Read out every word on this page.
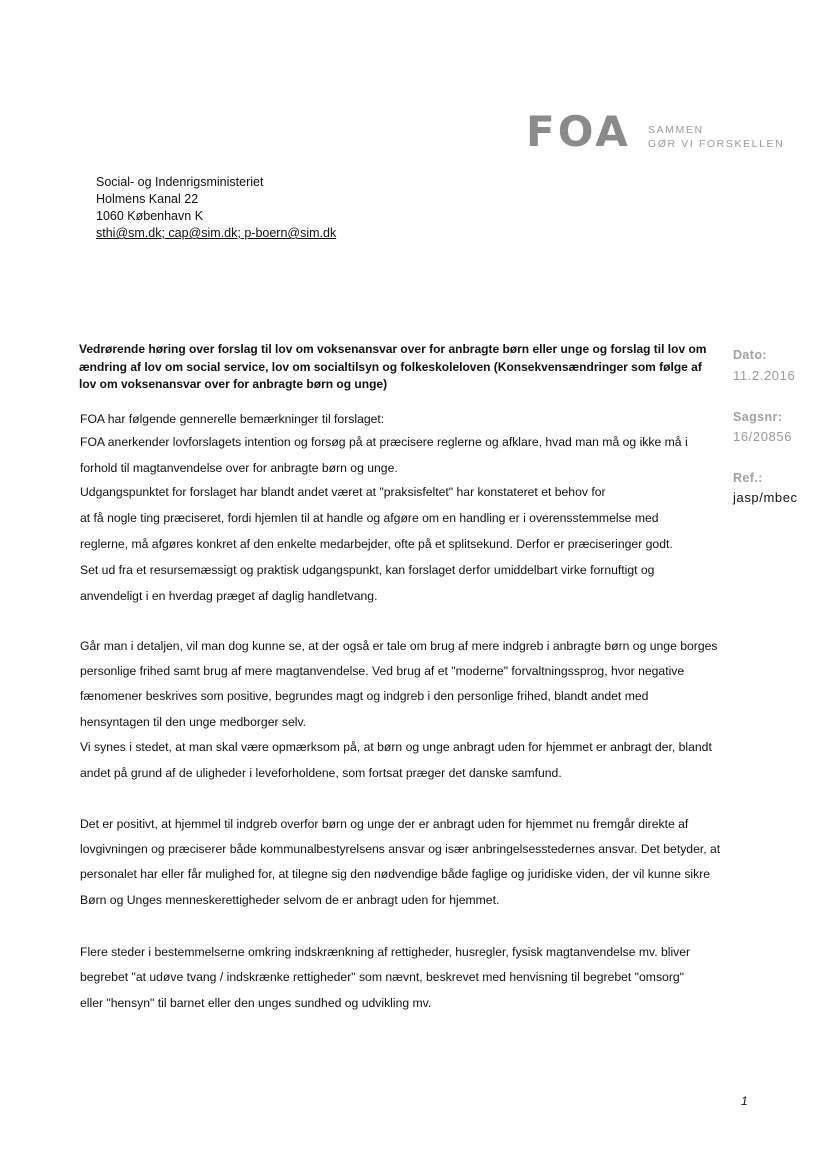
FOA SAMMEN
GØR VI FORSKELLEN
Social- og Indenrigsministeriet
Holmens Kanal 22
1060 København K
sthi@sm.dk; cap@sim.dk; p-boern@sim.dk
Vedrørende høring over forslag til lov om voksenansvar over for anbragte børn eller unge og forslag til lov om ændring af lov om social service, lov om socialtilsyn og folkeskoleloven (Konsekvensændringer som følge af lov om voksenansvar over for anbragte børn og unge)
Dato:
11.2.2016
Sagsnr:
16/20856
Ref.:
jasp/mbec
FOA har følgende gennerelle bemærkninger til forslaget:
FOA anerkender lovforslagets intention og forsøg på at præcisere reglerne og afklare, hvad man må og ikke må i
forhold til magtanvendelse over for anbragte børn og unge.
Udgangspunktet for forslaget har blandt andet været at "praksisfeltet" har konstateret et behov for
at få nogle ting præciseret, fordi hjemlen til at handle og afgøre om en handling er i overensstemmelse med
reglerne, må afgøres konkret af den enkelte medarbejder, ofte på et splitsekund. Derfor er præciseringer godt.
Set ud fra et resursemæssigt og praktisk udgangspunkt, kan forslaget derfor umiddelbart virke fornuftigt og
anvendeligt i en hverdag præget af daglig handletvang.
Går man i detaljen, vil man dog kunne se, at der også er tale om brug af mere indgreb i anbragte børn og unge borges
personlige frihed samt brug af mere magtanvendelse. Ved brug af et "moderne" forvaltningssprog, hvor negative
fænomener beskrives som positive, begrundes magt og indgreb i den personlige frihed, blandt andet med
hensyntagen til den unge medborger selv.
Vi synes i stedet, at man skal være opmærksom på, at børn og unge anbragt uden for hjemmet er anbragt der, blandt
andet på grund af de uligheder i leveforholdene, som fortsat præger det danske samfund.
Det er positivt, at hjemmel til indgreb overfor børn og unge der er anbragt uden for hjemmet nu fremgår direkte af
lovgivningen og præciserer både kommunalbestyrelsens ansvar og især anbringelsesstedernes ansvar. Det betyder, at
personalet har eller får mulighed for, at tilegne sig den nødvendige både faglige og juridiske viden, der vil kunne sikre
Børn og Unges menneskerettigheder selvom de er anbragt uden for hjemmet.
Flere steder i bestemmelserne omkring indskrænkning af rettigheder, husregler, fysisk magtanvendelse mv. bliver
begrebet "at udøve tvang / indskrænke rettigheder" som nævnt, beskrevet med henvisning til begrebet "omsorg"
eller "hensyn" til barnet eller den unges sundhed og udvikling mv.
1
